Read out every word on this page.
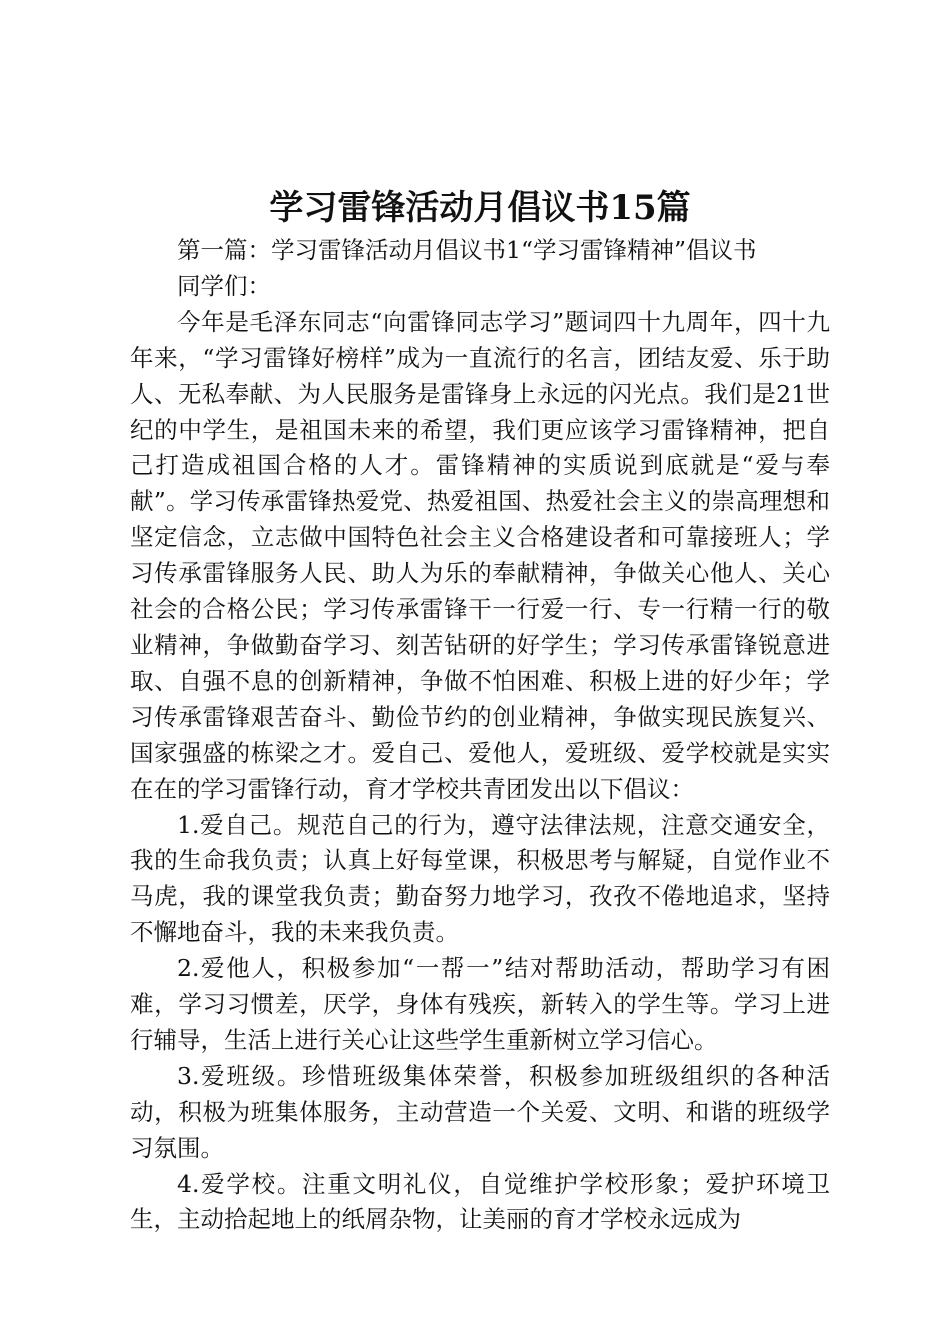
学习雷锋活动月倡议书15篇

第一篇：学习雷锋活动月倡议书1“学习雷锋精神”倡议书

同学们：

今年是毛泽东同志“向雷锋同志学习”题词四十九周年，四十九年来，“学习雷锋好榜样”成为一直流行的名言，团结友爱、乐于助人、无私奉献、为人民服务是雷锋身上永远的闪光点。我们是21世纪的中学生，是祖国未来的希望，我们更应该学习雷锋精神，把自己打造成祖国合格的人才。雷锋精神的实质说到底就是“爱与奉献”。学习传承雷锋热爱党、热爱祖国、热爱社会主义的崇高理想和坚定信念，立志做中国特色社会主义合格建设者和可靠接班人；学习传承雷锋服务人民、助人为乐的奉献精神，争做关心他人、关心社会的合格公民；学习传承雷锋干一行爱一行、专一行精一行的敬业精神，争做勤奋学习、刻苦钻研的好学生；学习传承雷锋锐意进取、自强不息的创新精神，争做不怕困难、积极上进的好少年；学习传承雷锋艰苦奋斗、勤俭节约的创业精神，争做实现民族复兴、国家强盛的栋梁之才。爱自己、爱他人，爱班级、爱学校就是实实在在的学习雷锋行动，育才学校共青团发出以下倡议：

1.爱自己。规范自己的行为，遵守法律法规，注意交通安全，我的生命我负责；认真上好每堂课，积极思考与解疑，自觉作业不马虎，我的课堂我负责；勤奋努力地学习，孜孜不倦地追求，坚持不懈地奋斗，我的未来我负责。

2.爱他人，积极参加“一帮一”结对帮助活动，帮助学习有困难，学习习惯差，厌学，身体有残疾，新转入的学生等。学习上进行辅导，生活上进行关心让这些学生重新树立学习信心。

3.爱班级。珍惜班级集体荣誉，积极参加班级组织的各种活动，积极为班集体服务，主动营造一个关爱、文明、和谐的班级学习氛围。

4.爱学校。注重文明礼仪，自觉维护学校形象；爱护环境卫生，主动拾起地上的纸屑杂物，让美丽的育才学校永远成为
